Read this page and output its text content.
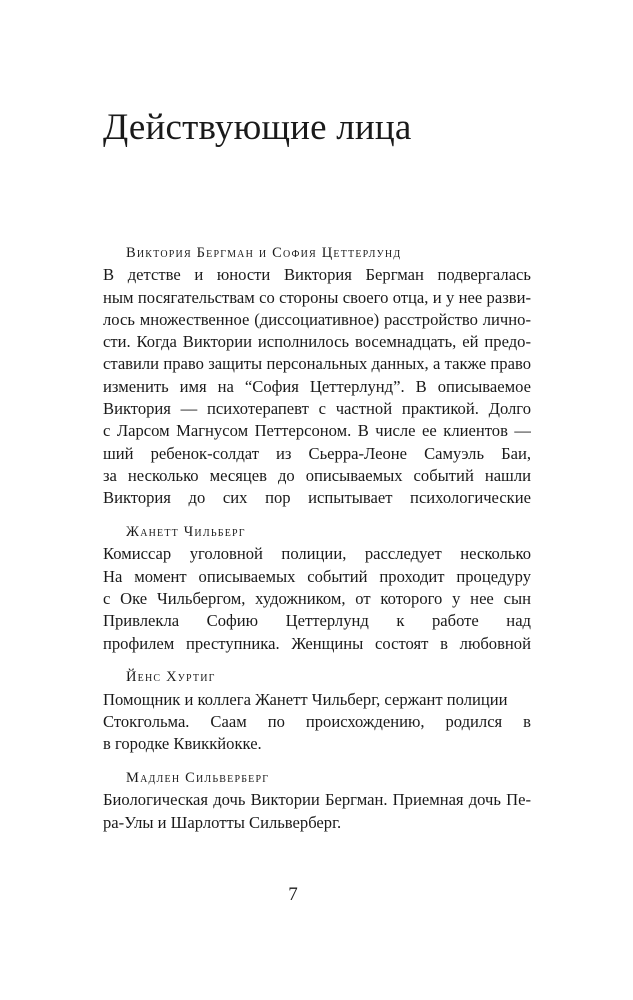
Действующие лица
Виктория Бергман и София Цеттерлунд
В детстве и юности Виктория Бергман подвергалась
ным посягательствам со стороны своего отца, и у нее разви-
лось множественное (диссоциативное) расстройство лично-
сти. Когда Виктории исполнилось восемнадцать, ей предо-
ставили право защиты персональных данных, а также право
изменить имя на “София Цеттерлунд”. В описываемое
Виктория — психотерапевт с частной практикой. Долго
с Ларсом Магнусом Петтерсоном. В числе ее клиентов —
ший ребенок-солдат из Сьерра-Леоне Самуэль Баи,
за несколько месяцев до описываемых событий нашли
Виктория до сих пор испытывает психологические
Жанетт Чильберг
Комиссар уголовной полиции, расследует несколько
На момент описываемых событий проходит процедуру
с Оке Чильбергом, художником, от которого у нее сын
Привлекла Софию Цеттерлунд к работе над
профилем преступника. Женщины состоят в любовной
Йенс Хуртиг
Помощник и коллега Жанетт Чильберг, сержант полиции
Стокгольма. Саам по происхождению, родился в
в городке Квиккйокке.
Мадлен Сильверберг
Биологическая дочь Виктории Бергман. Приемная дочь Пе-
ра-Улы и Шарлотты Сильверберг.
7
